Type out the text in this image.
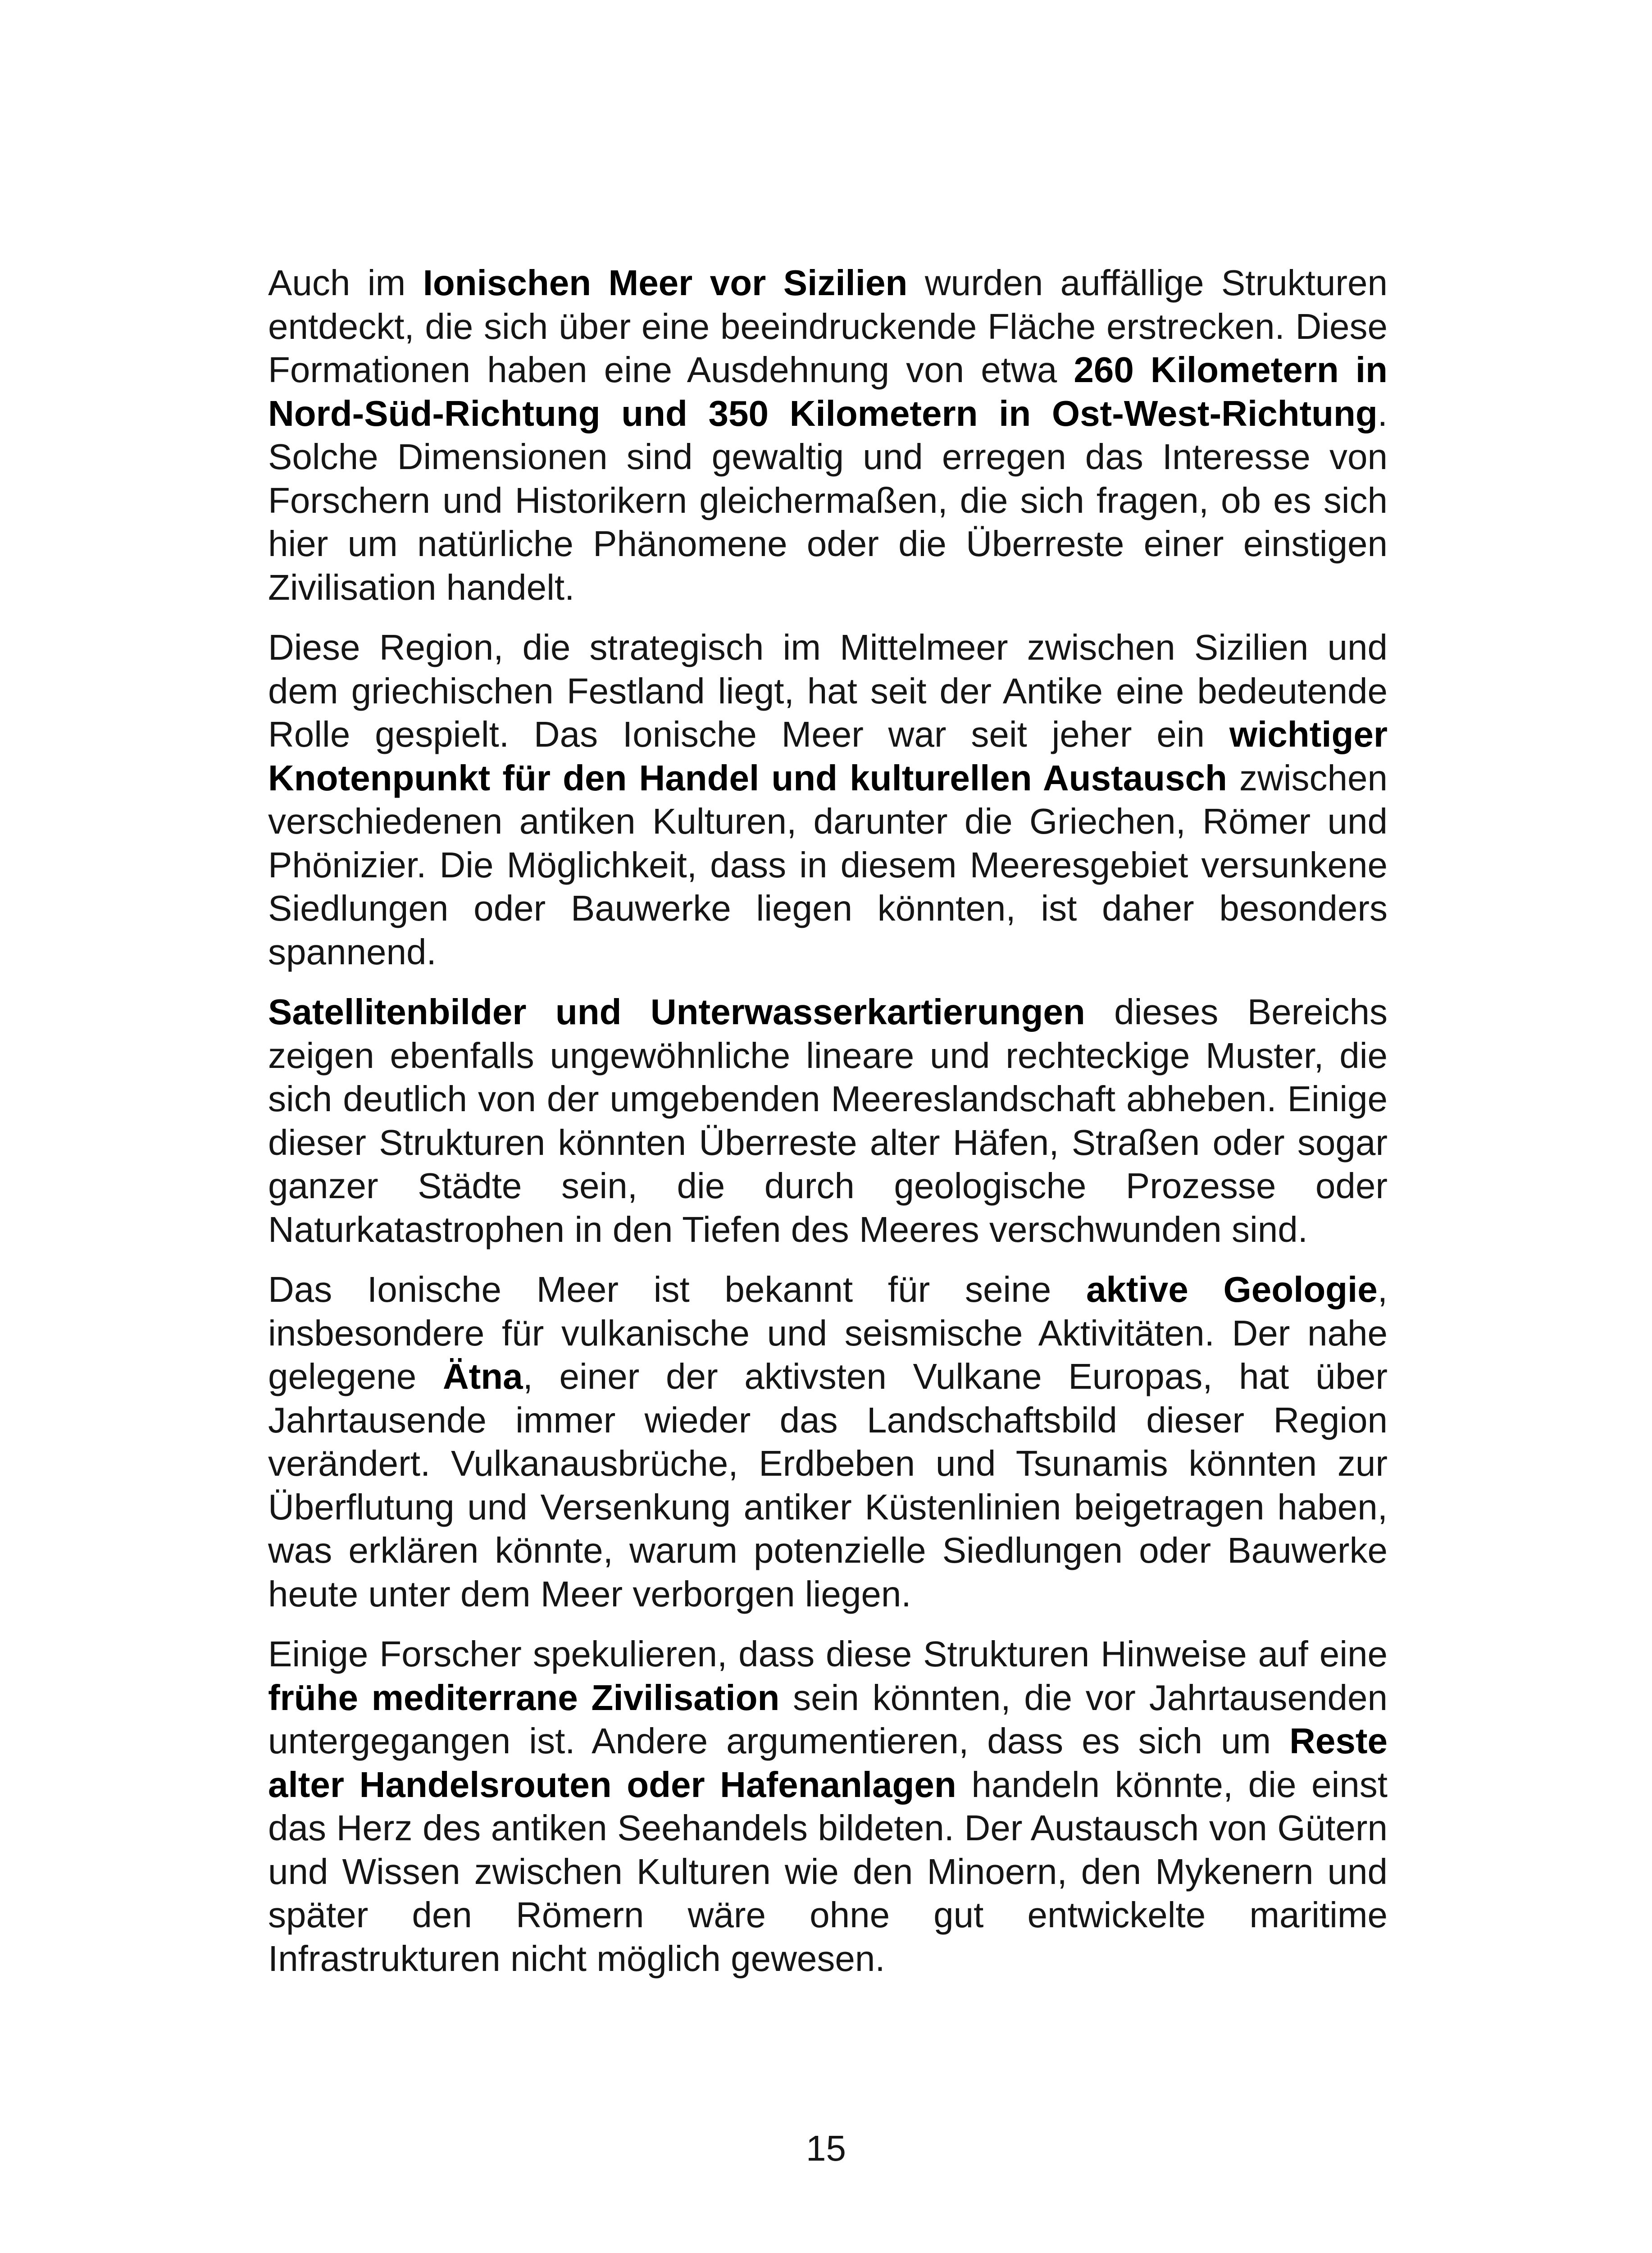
Auch im Ionischen Meer vor Sizilien wurden auffällige Strukturen entdeckt, die sich über eine beeindruckende Fläche erstrecken. Diese Formationen haben eine Ausdehnung von etwa 260 Kilometern in Nord-Süd-Richtung und 350 Kilometern in Ost-West-Richtung. Solche Dimensionen sind gewaltig und erregen das Interesse von Forschern und Historikern gleichermaßen, die sich fragen, ob es sich hier um natürliche Phänomene oder die Überreste einer einstigen Zivilisation handelt.

Diese Region, die strategisch im Mittelmeer zwischen Sizilien und dem griechischen Festland liegt, hat seit der Antike eine bedeutende Rolle gespielt. Das Ionische Meer war seit jeher ein wichtiger Knotenpunkt für den Handel und kulturellen Austausch zwischen verschiedenen antiken Kulturen, darunter die Griechen, Römer und Phönizier. Die Möglichkeit, dass in diesem Meeresgebiet versunkene Siedlungen oder Bauwerke liegen könnten, ist daher besonders spannend.

Satellitenbilder und Unterwasserkartierungen dieses Bereichs zeigen ebenfalls ungewöhnliche lineare und rechteckige Muster, die sich deutlich von der umgebenden Meereslandschaft abheben. Einige dieser Strukturen könnten Überreste alter Häfen, Straßen oder sogar ganzer Städte sein, die durch geologische Prozesse oder Naturkatastrophen in den Tiefen des Meeres verschwunden sind.

Das Ionische Meer ist bekannt für seine aktive Geologie, insbesondere für vulkanische und seismische Aktivitäten. Der nahe gelegene Ätna, einer der aktivsten Vulkane Europas, hat über Jahrtausende immer wieder das Landschaftsbild dieser Region verändert. Vulkanausbrüche, Erdbeben und Tsunamis könnten zur Überflutung und Versenkung antiker Küstenlinien beigetragen haben, was erklären könnte, warum potenzielle Siedlungen oder Bauwerke heute unter dem Meer verborgen liegen.

Einige Forscher spekulieren, dass diese Strukturen Hinweise auf eine frühe mediterrane Zivilisation sein könnten, die vor Jahrtausenden untergegangen ist. Andere argumentieren, dass es sich um Reste alter Handelsrouten oder Hafenanlagen handeln könnte, die einst das Herz des antiken Seehandels bildeten. Der Austausch von Gütern und Wissen zwischen Kulturen wie den Minoern, den Mykenern und später den Römern wäre ohne gut entwickelte maritime Infrastrukturen nicht möglich gewesen.

15
